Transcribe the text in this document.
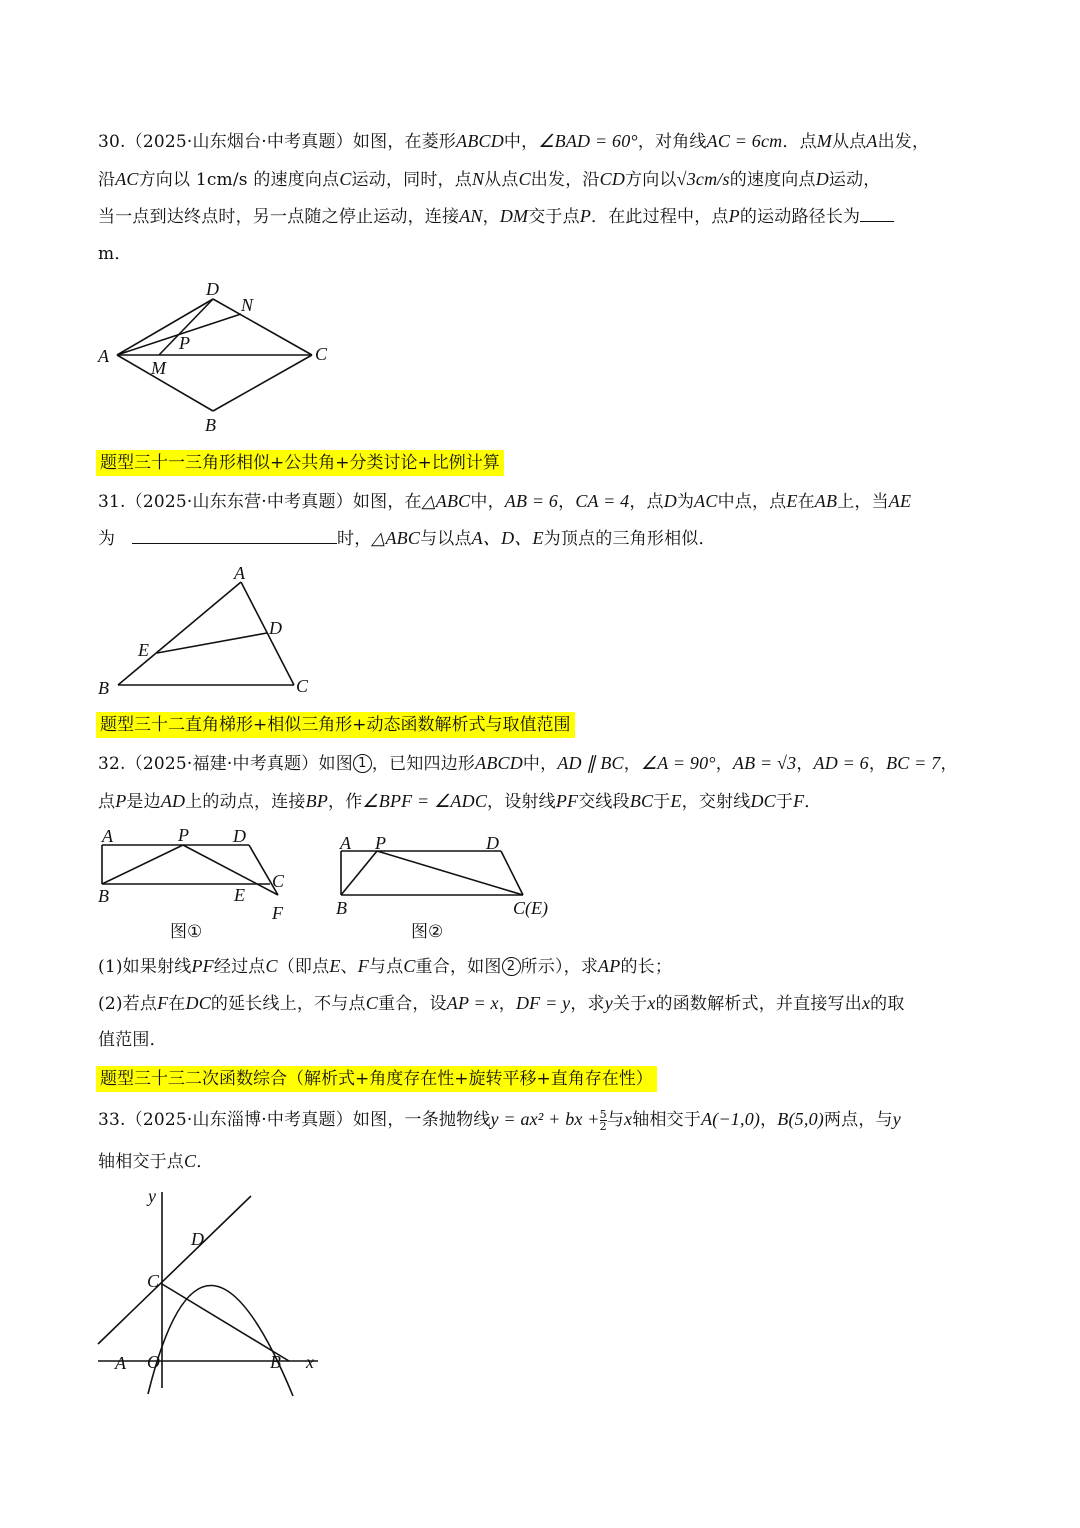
30.（2025·山东烟台·中考真题）如图，在菱形ABCD中，∠BAD = 60°，对角线AC = 6cm．点M从点A出发，
沿AC方向以 1cm/s 的速度向点C运动，同时，点N从点C出发，沿CD方向以√3cm/s的速度向点D运动，
当一点到达终点时，另一点随之停止运动，连接AN，DM交于点P．在此过程中，点P的运动路径长为
m．
D
N
P
A	C
M
B
题型三十一三角形相似+公共角+分类讨论+比例计算
31.（2025·山东东营·中考真题）如图，在△ABC中，AB = 6，CA = 4，点D为AC中点，点E在AB上，当AE
为	时，△ABC与以点A、D、E为顶点的三角形相似．
A
D
E
B	C
题型三十二直角梯形+相似三角形+动态函数解析式与取值范围
32.（2025·福建·中考真题）如图 1 ，已知四边形ABCD中，AD ∥ BC，∠A = 90°，AB = √3，AD = 6，BC = 7，
点P是边AD上的动点，连接BP，作∠BPF = ∠ADC，设射线PF交线段BC于E，交射线DC于F．
A	P D
C
B	E
F
图①
A P	D
B	C(E)
图②
(1)如果射线PF经过点C（即点E、F与点C重合，如图 2 所示），求AP的长；
(2)若点F在DC的延长线上，不与点C重合，设AP = x，DF = y，求y关于x的函数解析式，并直接写出x的取
值范围．
题型三十三二次函数综合（解析式+角度存在性+旋转平移+直角存在性）
33.（2025·山东淄博·中考真题）如图，一条抛物线y = ax² + bx + $\frac{5}{2}$ 与x轴相交于A(−1,0)，B(5,0)两点，与y
轴相交于点C．
y
D
C
A O	B x
